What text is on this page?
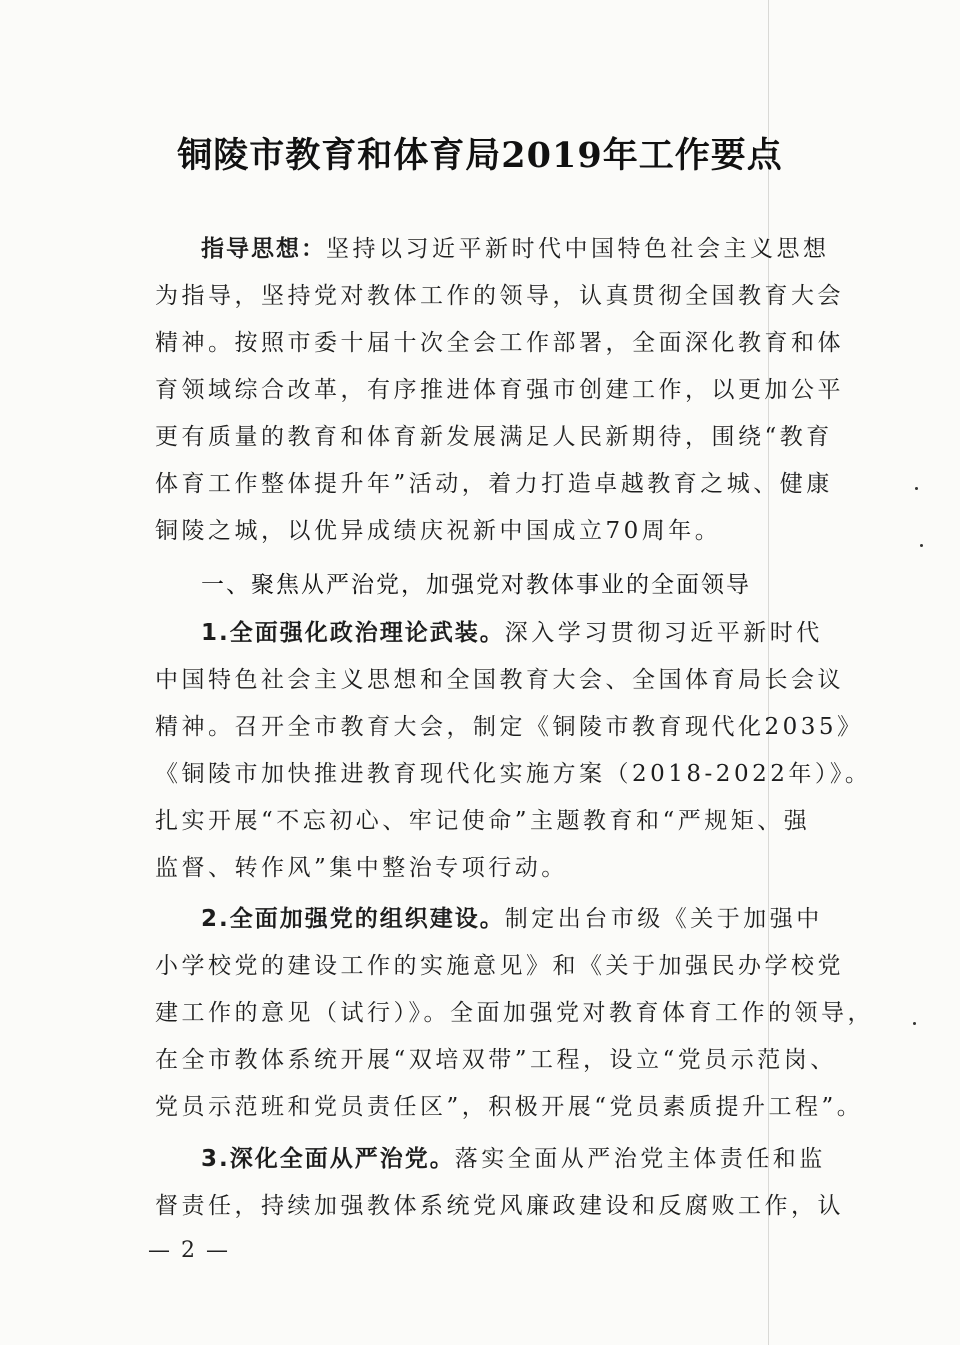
铜陵市教育和体育局2019年工作要点
指导思想：坚持以习近平新时代中国特色社会主义思想
为指导，坚持党对教体工作的领导，认真贯彻全国教育大会
精神。按照市委十届十次全会工作部署，全面深化教育和体
育领域综合改革，有序推进体育强市创建工作，以更加公平
更有质量的教育和体育新发展满足人民新期待，围绕“教育
体育工作整体提升年”活动，着力打造卓越教育之城、健康
铜陵之城，以优异成绩庆祝新中国成立70周年。
一、聚焦从严治党，加强党对教体事业的全面领导
1.全面强化政治理论武装。深入学习贯彻习近平新时代
中国特色社会主义思想和全国教育大会、全国体育局长会议
精神。召开全市教育大会，制定《铜陵市教育现代化2035》
《铜陵市加快推进教育现代化实施方案（2018-2022年）》。
扎实开展“不忘初心、牢记使命”主题教育和“严规矩、强
监督、转作风”集中整治专项行动。
2.全面加强党的组织建设。制定出台市级《关于加强中
小学校党的建设工作的实施意见》和《关于加强民办学校党
建工作的意见（试行）》。全面加强党对教育体育工作的领导，
在全市教体系统开展“双培双带”工程，设立“党员示范岗、
党员示范班和党员责任区”，积极开展“党员素质提升工程”。
3.深化全面从严治党。落实全面从严治党主体责任和监
督责任，持续加强教体系统党风廉政建设和反腐败工作，认
— 2 —
